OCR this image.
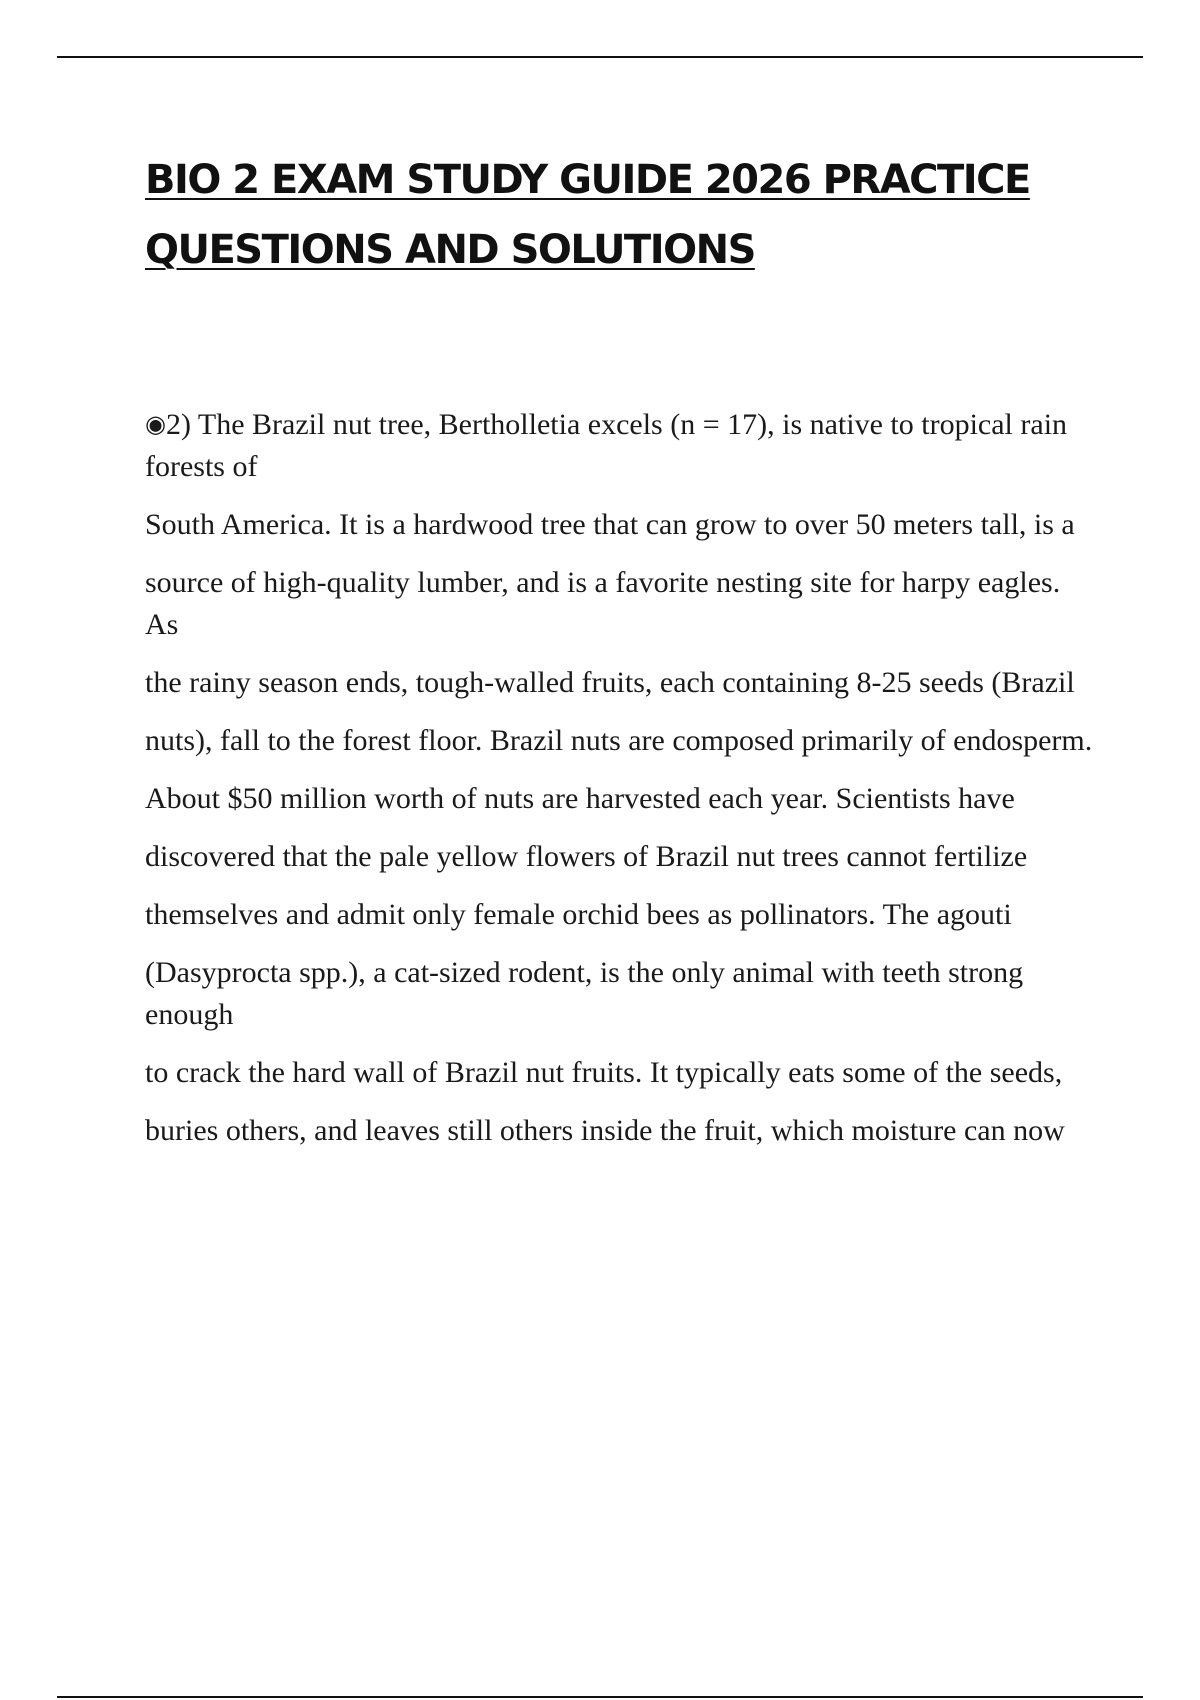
BIO 2 EXAM STUDY GUIDE 2026 PRACTICE
QUESTIONS AND SOLUTIONS

◉2) The Brazil nut tree, Bertholletia excels (n = 17), is native to tropical rain forests of

South America. It is a hardwood tree that can grow to over 50 meters tall, is a

source of high-quality lumber, and is a favorite nesting site for harpy eagles. As

the rainy season ends, tough-walled fruits, each containing 8-25 seeds (Brazil

nuts), fall to the forest floor. Brazil nuts are composed primarily of endosperm.

About $50 million worth of nuts are harvested each year. Scientists have

discovered that the pale yellow flowers of Brazil nut trees cannot fertilize

themselves and admit only female orchid bees as pollinators. The agouti

(Dasyprocta spp.), a cat-sized rodent, is the only animal with teeth strong enough

to crack the hard wall of Brazil nut fruits. It typically eats some of the seeds,

buries others, and leaves still others inside the fruit, which moisture can now
